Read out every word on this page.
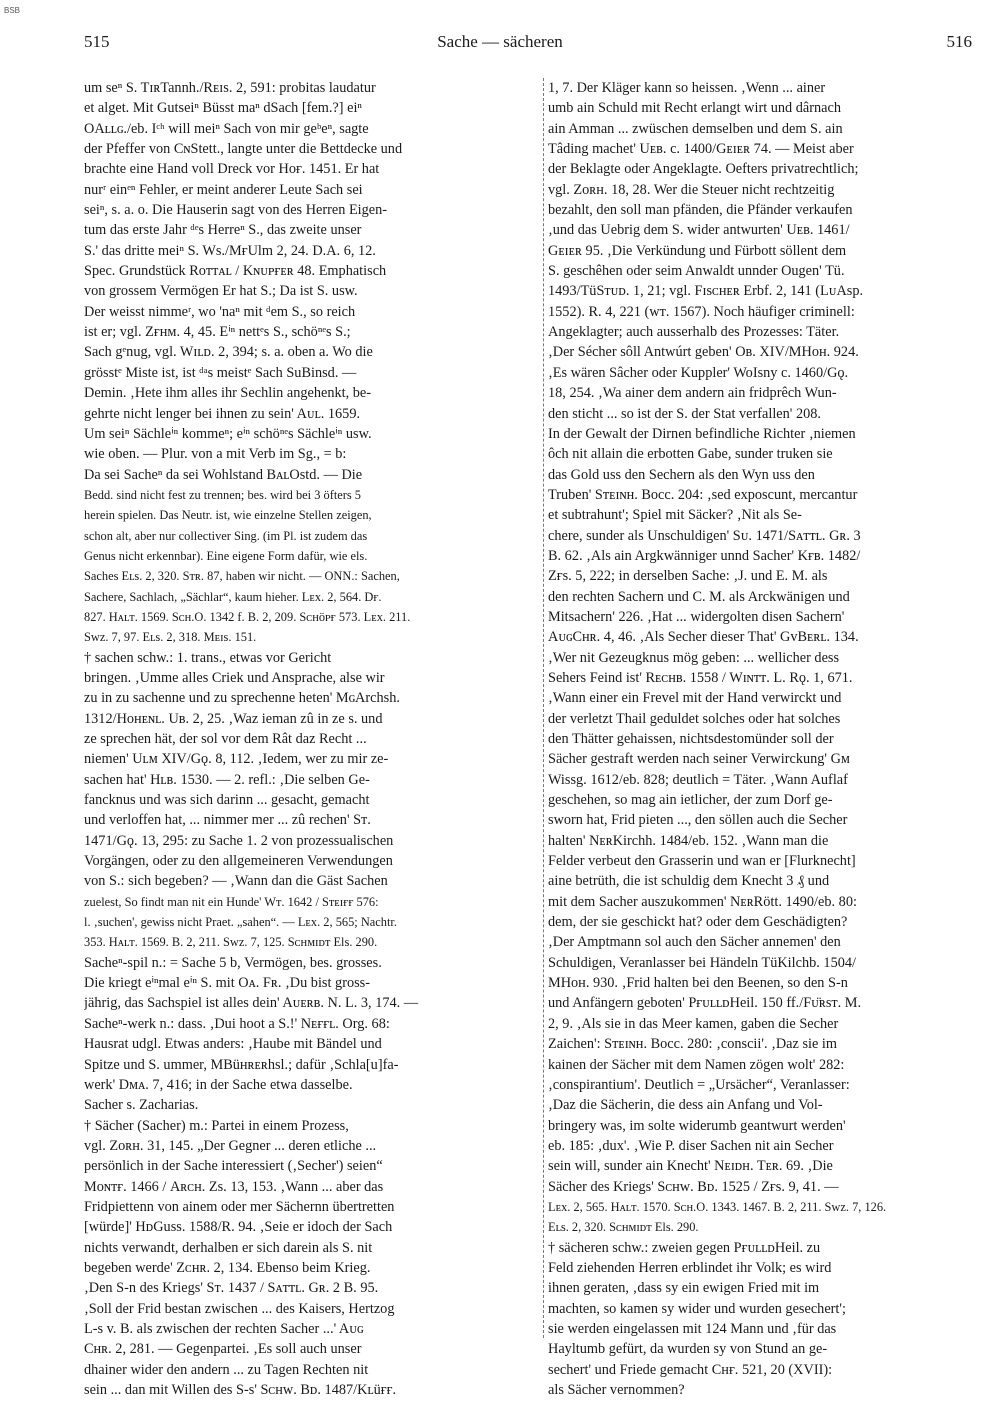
BSB
515	Sache — sächeren	516
um seⁿ S. TɪʀTannh./Rᴇɪs. 2, 591: probitas laudatur
et alget. Mit Gutseiⁿ Büsst maⁿ dSach [fem.?] eiⁿ
OAʟʟɢ./eb. Iᶜʰ will meiⁿ Sach von mir geᵇeⁿ, sagte
der Pfeffer von CɴStett., langte unter die Bettdecke und
brachte eine Hand voll Dreck vor Hᴏғ. 1451. Er hat
nurʳ einᵉⁿ Fehler, er meint anderer Leute Sach sei
seiⁿ, s. a. o. Die Hauserin sagt von des Herren Eigen-
tum das erste Jahr ᵈᵉs Herreⁿ S., das zweite unser
S.' das dritte meiⁿ S. Ws./MғUlm 2, 24. D.A. 6, 12.
Spec. Grundstück Rᴏᴛᴛᴀʟ / Kɴᴜᴘғᴇʀ 48. Emphatisch
von grossem Vermögen Er hat S.; Da ist S. usw.
Der weisst nimmeʳ, wo 'naⁿ mit ᵈem S., so reich
ist er; vgl. Zғʜᴍ. 4, 45. Eⁱⁿ nettᵉs S., schöⁿᵉs S.;
Sach gᵉnug, vgl. Wɪʟᴅ. 2, 394; s. a. oben a. Wo die
grösstᵉ Miste ist, ist ᵈᵃs meistᵉ Sach SuBinsd. —
Demin. ‚Hete ihm alles ihr Sechlin angehenkt, be-
gehrte nicht lenger bei ihnen zu sein' Aᴜʟ. 1659.
Um seiⁿ Sächleⁱⁿ kommeⁿ; eⁱⁿ schöⁿᵉs Sächleⁱⁿ usw.
wie oben. — Plur. von a mit Verb im Sg., = b:
Da sei Sacheⁿ da sei Wohlstand BᴀʟOstd. — Die
Bedd. sind nicht fest zu trennen; bes. wird bei 3 öfters 5
herein spielen. Das Neutr. ist, wie einzelne Stellen zeigen,
schon alt, aber nur collectiver Sing. (im Pl. ist zudem das
Genus nicht erkennbar). Eine eigene Form dafür, wie els.
Saches Eʟs. 2, 320. Sᴛʀ. 87, haben wir nicht. — ONN.: Sachen,
Sachere, Sachlach, „Sächlar“, kaum hieher. Lᴇx. 2, 564. Dғ.
827. Hᴀʟᴛ. 1569. Sᴄʜ.O. 1342 f. B. 2, 209. Sᴄʜöᴘғ 573. Lᴇx. 211.
Swz. 7, 97. Eʟs. 2, 318. Mᴇɪs. 151.
† sachen schw.: 1. trans., etwas vor Gericht
bringen. ‚Umme alles Criek und Ansprache, alse wir
zu in zu sachenne und zu sprechenne heten' MɢArchsh.
1312/Hᴏʜᴇɴʟ. Uʙ. 2, 25. ‚Waz ieman zû in ze s. und
ze sprechen hät, der sol vor dem Rât daz Recht ...
niemen' Uʟᴍ XIV/Gǫ. 8, 112. ‚Iedem, wer zu mir ze-
sachen hat' Hʟʙ. 1530. — 2. refl.: ‚Die selben Ge-
fancknus und was sich darinn ... gesacht, gemacht
und verloffen hat, ... nimmer mer ... zû rechen' Sᴛ.
1471/Gǫ. 13, 295: zu Sache 1. 2 von prozessualischen
Vorgängen, oder zu den allgemeineren Verwendungen
von S.: sich begeben? — ‚Wann dan die Gäst Sachen
zuelest, So findt man nit ein Hunde' Wᴛ. 1642 / Sᴛᴇɪғғ 576:
l. ‚suchen', gewiss nicht Praet. „sahen“. — Lᴇx. 2, 565; Nachtr.
353. Hᴀʟᴛ. 1569. B. 2, 211. Swz. 7, 125. Sᴄʜᴍɪᴅᴛ Els. 290.
Sacheⁿ-spil n.: = Sache 5 b, Vermögen, bes. grosses.
Die kriegt eⁱⁿmal eⁱⁿ S. mit Oᴀ. Fʀ. ‚Du bist gross-
jährig, das Sachspiel ist alles dein' Aᴜᴇʀʙ. N. L. 3, 174. —
Sacheⁿ-werk n.: dass. ‚Dui hoot a S.!' Nᴇғғʟ. Org. 68:
Hausrat udgl. Etwas anders: ‚Haube mit Bändel und
Spitze und S. ummer, MBüʜʀᴇʀhsl.; dafür ‚Schla[u]fa-
werk' Dᴍᴀ. 7, 416; in der Sache etwa dasselbe.
Sacher s. Zacharias.
† Sächer (Sacher) m.: Partei in einem Prozess,
vgl. Zᴏʀʜ. 31, 145. „Der Gegner ... deren etliche ...
persönlich in der Sache interessiert (‚Secher') seien“
Mᴏɴᴛғ. 1466 / Aʀᴄʜ. Zs. 13, 153. ‚Wann ... aber das
Fridpiettenn von ainem oder mer Sächernn übertretten
[würde]' HᴅGuss. 1588/R. 94. ‚Seie er idoch der Sach
nichts verwandt, derhalben er sich darein als S. nit
begeben werde' Zᴄʜʀ. 2, 134. Ebenso beim Krieg.
‚Den S-n des Kriegs' Sᴛ. 1437 / Sᴀᴛᴛʟ. Gʀ. 2 B. 95.
‚Soll der Frid bestan zwischen ... des Kaisers, Hertzog
L-s v. B. als zwischen der rechten Sacher ...' Aᴜɢ
Cʜʀ. 2, 281. — Gegenpartei. ‚Es soll auch unser
dhainer wider den andern ... zu Tagen Rechten nit
sein ... dan mit Willen des S-s' Sᴄʜᴡ. Bᴅ. 1487/Kʟüғғ.
1, 7. Der Kläger kann so heissen. ‚Wenn ... ainer
umb ain Schuld mit Recht erlangt wirt und dârnach
ain Amman ... zwüschen demselben und dem S. ain
Tâding machet' Uᴇʙ. c. 1400/Gᴇɪᴇʀ 74. — Meist aber
der Beklagte oder Angeklagte. Oefters privatrechtlich;
vgl. Zᴏʀʜ. 18, 28. Wer die Steuer nicht rechtzeitig
bezahlt, den soll man pfänden, die Pfänder verkaufen
‚und das Uebrig dem S. wider antwurten' Uᴇʙ. 1461/
Gᴇɪᴇʀ 95. ‚Die Verkündung und Fürbott söllent dem
S. geschêhen oder seim Anwaldt unnder Ougen' Tü.
1493/TüSᴛᴜᴅ. 1, 21; vgl. Fɪsᴄʜᴇʀ Erbf. 2, 141 (LᴜAsp.
1552). R. 4, 221 (wᴛ. 1567). Noch häufiger criminell:
Angeklagter; auch ausserhalb des Prozesses: Täter.
‚Der Sécher sôll Antwúrt geben' Oʙ. XIV/MHᴏʜ. 924.
‚Es wären Sâcher oder Kuppler' WoIsny c. 1460/Gǫ.
18, 254. ‚Wa ainer dem andern ain fridprêch Wun-
den sticht ... so ist der S. der Stat verfallen' 208.
In der Gewalt der Dirnen befindliche Richter ‚niemen
ôch nit allain die erbotten Gabe, sunder truken sie
das Gold uss den Sechern als den Wyn uss den
Truben' Sᴛᴇɪɴʜ. Bocc. 204: ‚sed exposcunt, mercantur
et subtrahunt'; Spiel mit Säcker? ‚Nit als Se-
chere, sunder als Unschuldigen' Sᴜ. 1471/Sᴀᴛᴛʟ. Gʀ. 3
B. 62. ‚Als ain Argkwänniger unnd Sacher' Kғʙ. 1482/
Zғs. 5, 222; in derselben Sache: ‚J. und E. M. als
den rechten Sachern und C. M. als Arckwänigen und
Mitsachern' 226. ‚Hat ... widergolten disen Sachern'
AᴜɢCʜʀ. 4, 46. ‚Als Secher dieser That' GᴠBᴇʀʟ. 134.
‚Wer nit Gezeugknus mög geben: ... wellicher dess
Sehers Feind ist' Rᴇᴄʜʙ. 1558 / Wɪɴᴛᴛ. L. Rǫ. 1, 671.
‚Wann einer ein Frevel mit der Hand verwirckt und
der verletzt Thail geduldet solches oder hat solches
den Thätter gehaissen, nichtsdestomünder soll der
Sächer gestraft werden nach seiner Verwirckung' Gᴍ
Wissg. 1612/eb. 828; deutlich = Täter. ‚Wann Auflaf
geschehen, so mag ain ietlicher, der zum Dorf ge-
sworn hat, Frid pieten ..., den söllen auch die Secher
halten' NᴇʀKirchh. 1484/eb. 152. ‚Wann man die
Felder verbeut den Grasserin und wan er [Flurknecht]
aine betrüth, die ist schuldig dem Knecht 3 ₰ und
mit dem Sacher auszukommen' NᴇʀRött. 1490/eb. 80:
dem, der sie geschickt hat? oder dem Geschädigten?
‚Der Amptmann sol auch den Sächer annemen' den
Schuldigen, Veranlasser bei Händeln TüKilchb. 1504/
MHᴏʜ. 930. ‚Frid halten bei den Beenen, so den S-n
und Anfängern geboten' PғᴜʟʟᴅHeil. 150 ff./Fᴜ̈ʀsᴛ. M.
2, 9. ‚Als sie in das Meer kamen, gaben die Secher
Zaichen': Sᴛᴇɪɴʜ. Bocc. 280: ‚conscii'. ‚Daz sie im
kainen der Sächer mit dem Namen zögen wolt' 282:
‚conspirantium'. Deutlich = „Ursächer“, Veranlasser:
‚Daz die Sächerin, die dess ain Anfang und Vol-
bringery was, im solte widerumb geantwurt werden'
eb. 185: ‚dux'. ‚Wie P. diser Sachen nit ain Secher
sein will, sunder ain Knecht' Nᴇɪᴅʜ. Tᴇʀ. 69. ‚Die
Sächer des Kriegs' Sᴄʜᴡ. Bᴅ. 1525 / Zғs. 9, 41. —
Lᴇx. 2, 565. Hᴀʟᴛ. 1570. Sᴄʜ.O. 1343. 1467. B. 2, 211. Swz. 7, 126.
Eʟs. 2, 320. Sᴄʜᴍɪᴅᴛ Els. 290.
† sächeren schw.: zweien gegen PғᴜʟʟᴅHeil. zu
Feld ziehenden Herren erblindet ihr Volk; es wird
ihnen geraten, ‚dass sy ein ewigen Fried mit im
machten, so kamen sy wider und wurden gesechert';
sie werden eingelassen mit 124 Mann und ‚für das
Hayltumb gefürt, da wurden sy von Stund an ge-
sechert' und Friede gemacht Cʜғ. 521, 20 (XVII):
als Sächer vernommen?
